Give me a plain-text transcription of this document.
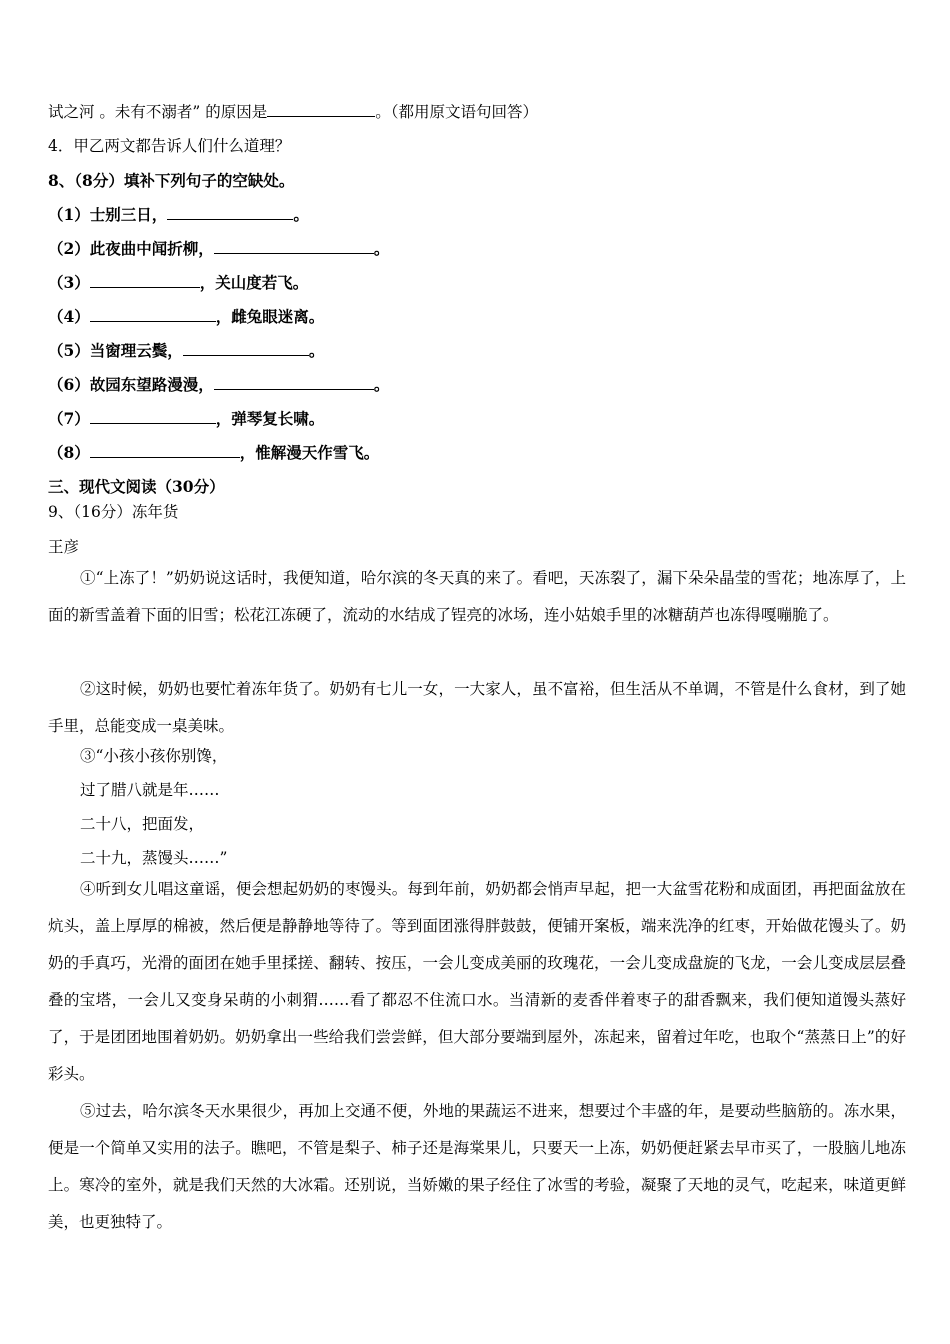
试之河 。未有不溺者” 的原因是	。（都用原文语句回答）
4．甲乙两文都告诉人们什么道理？
8、（8分）填补下列句子的空缺处。
（1）士别三日，	。
（2）此夜曲中闻折柳，	。
（3）	，关山度若飞。
（4）	，雌兔眼迷离。
（5）当窗理云鬓，	。
（6）故园东望路漫漫，	。
（7）	，弹琴复长啸。
（8）	，惟解漫天作雪飞。
三、现代文阅读（30分）
9、（16分）冻年货
王彦
①“上冻了！”奶奶说这话时，我便知道，哈尔滨的冬天真的来了。看吧，天冻裂了，漏下朵朵晶莹的雪花；地冻厚了，上面的新雪盖着下面的旧雪；松花江冻硬了，流动的水结成了锃亮的冰场，连小姑娘手里的冰糖葫芦也冻得嘎嘣脆了。
②这时候，奶奶也要忙着冻年货了。奶奶有七儿一女，一大家人，虽不富裕，但生活从不单调，不管是什么食材，到了她手里，总能变成一桌美味。
③“小孩小孩你别馋，
过了腊八就是年……
二十八，把面发，
二十九，蒸馒头……”
④听到女儿唱这童谣，便会想起奶奶的枣馒头。每到年前，奶奶都会悄声早起，把一大盆雪花粉和成面团，再把面盆放在炕头，盖上厚厚的棉被，然后便是静静地等待了。等到面团涨得胖鼓鼓，便铺开案板，端来洗净的红枣，开始做花馒头了。奶奶的手真巧，光滑的面团在她手里揉搓、翻转、按压，一会儿变成美丽的玫瑰花，一会儿变成盘旋的飞龙，一会儿变成层层叠叠的宝塔，一会儿又变身呆萌的小刺猬……看了都忍不住流口水。当清新的麦香伴着枣子的甜香飘来，我们便知道馒头蒸好了，于是团团地围着奶奶。奶奶拿出一些给我们尝尝鲜，但大部分要端到屋外，冻起来，留着过年吃，也取个“蒸蒸日上”的好彩头。
⑤过去，哈尔滨冬天水果很少，再加上交通不便，外地的果蔬运不进来，想要过个丰盛的年，是要动些脑筋的。冻水果，便是一个简单又实用的法子。瞧吧，不管是梨子、柿子还是海棠果儿，只要天一上冻，奶奶便赶紧去早市买了，一股脑儿地冻上。寒冷的室外，就是我们天然的大冰霜。还别说，当娇嫩的果子经住了冰雪的考验，凝聚了天地的灵气，吃起来，味道更鲜美，也更独特了。
